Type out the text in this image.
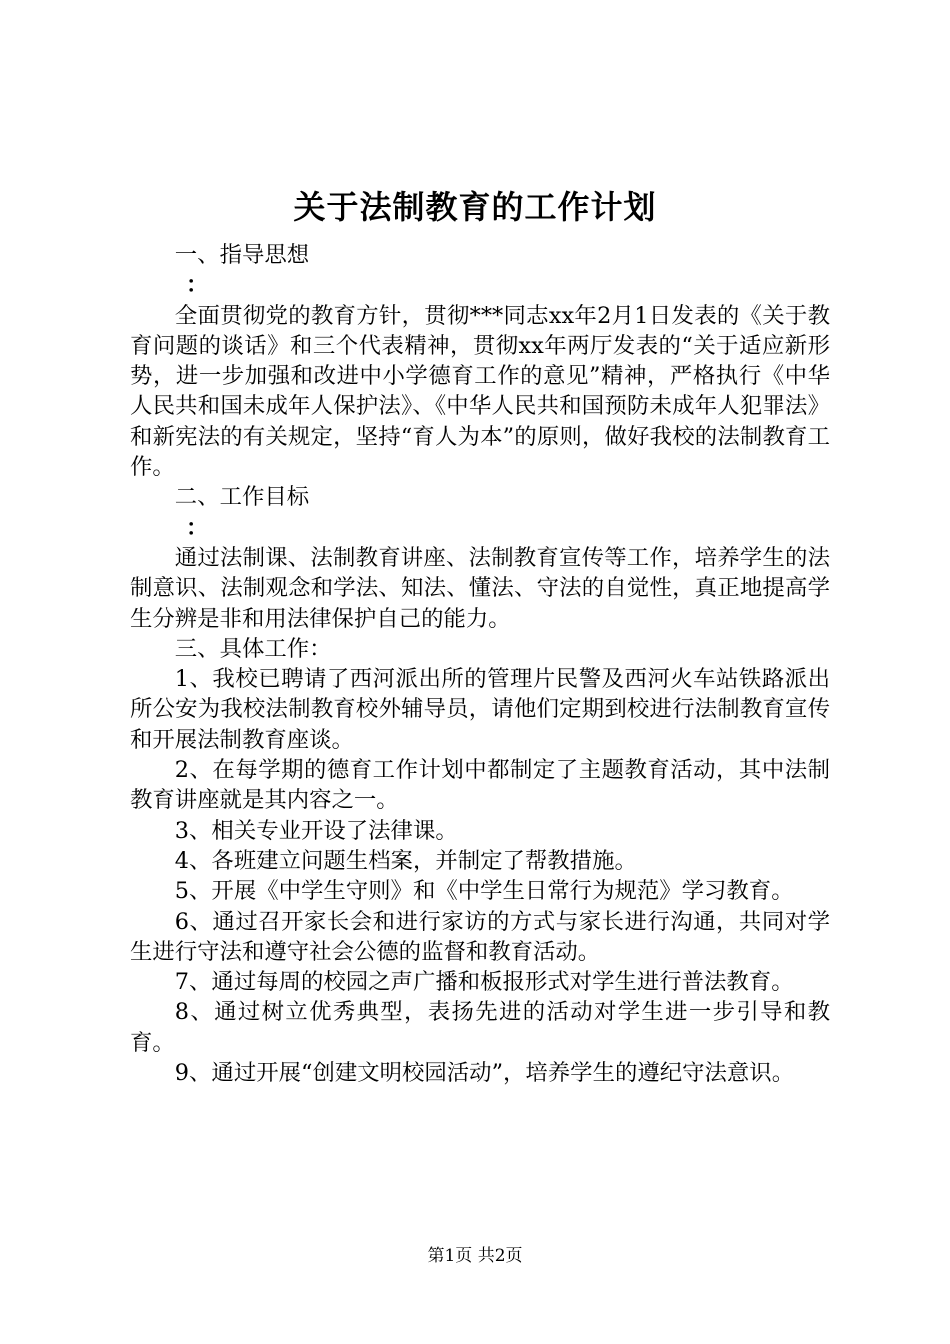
关于法制教育的工作计划

一、指导思想

：

全面贯彻党的教育方针，贯彻***同志xx年2月1日发表的《关于教育问题的谈话》和三个代表精神，贯彻xx年两厅发表的“关于适应新形势，进一步加强和改进中小学德育工作的意见”精神，严格执行《中华人民共和国未成年人保护法》、《中华人民共和国预防未成年人犯罪法》和新宪法的有关规定，坚持“育人为本”的原则，做好我校的法制教育工作。

二、工作目标

：

通过法制课、法制教育讲座、法制教育宣传等工作，培养学生的法制意识、法制观念和学法、知法、懂法、守法的自觉性，真正地提高学生分辨是非和用法律保护自己的能力。

三、具体工作：

1、我校已聘请了西河派出所的管理片民警及西河火车站铁路派出所公安为我校法制教育校外辅导员，请他们定期到校进行法制教育宣传和开展法制教育座谈。

2、在每学期的德育工作计划中都制定了主题教育活动，其中法制教育讲座就是其内容之一。

3、相关专业开设了法律课。

4、各班建立问题生档案，并制定了帮教措施。

5、开展《中学生守则》和《中学生日常行为规范》学习教育。

6、通过召开家长会和进行家访的方式与家长进行沟通，共同对学生进行守法和遵守社会公德的监督和教育活动。

7、通过每周的校园之声广播和板报形式对学生进行普法教育。

8、通过树立优秀典型，表扬先进的活动对学生进一步引导和教育。

9、通过开展“创建文明校园活动”，培养学生的遵纪守法意识。

第1页 共2页
